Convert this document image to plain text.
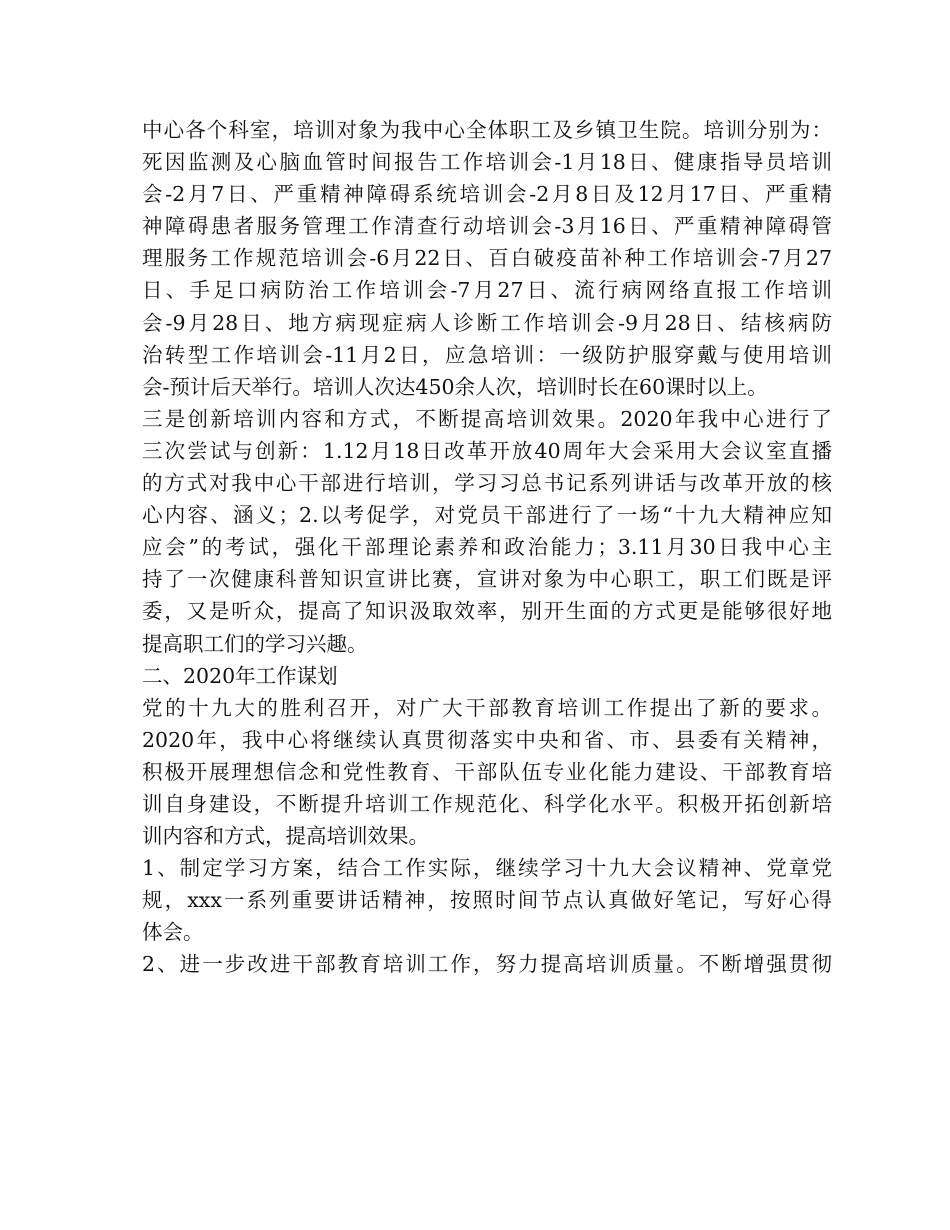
中心各个科室，培训对象为我中心全体职工及乡镇卫生院。培训分别为：
死因监测及心脑血管时间报告工作培训会-1月18日、健康指导员培训
会-2月7日、严重精神障碍系统培训会-2月8日及12月17日、严重精
神障碍患者服务管理工作清查行动培训会-3月16日、严重精神障碍管
理服务工作规范培训会-6月22日、百白破疫苗补种工作培训会-7月27
日、手足口病防治工作培训会-7月27日、流行病网络直报工作培训
会-9月28日、地方病现症病人诊断工作培训会-9月28日、结核病防
治转型工作培训会-11月2日，应急培训：一级防护服穿戴与使用培训
会-预计后天举行。培训人次达450余人次，培训时长在60课时以上。
三是创新培训内容和方式，不断提高培训效果。2020年我中心进行了
三次尝试与创新：1.12月18日改革开放40周年大会采用大会议室直播
的方式对我中心干部进行培训，学习习总书记系列讲话与改革开放的核
心内容、涵义；2.以考促学，对党员干部进行了一场“十九大精神应知
应会”的考试，强化干部理论素养和政治能力；3.11月30日我中心主
持了一次健康科普知识宣讲比赛，宣讲对象为中心职工，职工们既是评
委，又是听众，提高了知识汲取效率，别开生面的方式更是能够很好地
提高职工们的学习兴趣。
二、2020年工作谋划
党的十九大的胜利召开，对广大干部教育培训工作提出了新的要求。
2020年，我中心将继续认真贯彻落实中央和省、市、县委有关精神，
积极开展理想信念和党性教育、干部队伍专业化能力建设、干部教育培
训自身建设，不断提升培训工作规范化、科学化水平。积极开拓创新培
训内容和方式，提高培训效果。
1、制定学习方案，结合工作实际，继续学习十九大会议精神、党章党
规，xxx一系列重要讲话精神，按照时间节点认真做好笔记，写好心得
体会。
2、进一步改进干部教育培训工作，努力提高培训质量。不断增强贯彻
